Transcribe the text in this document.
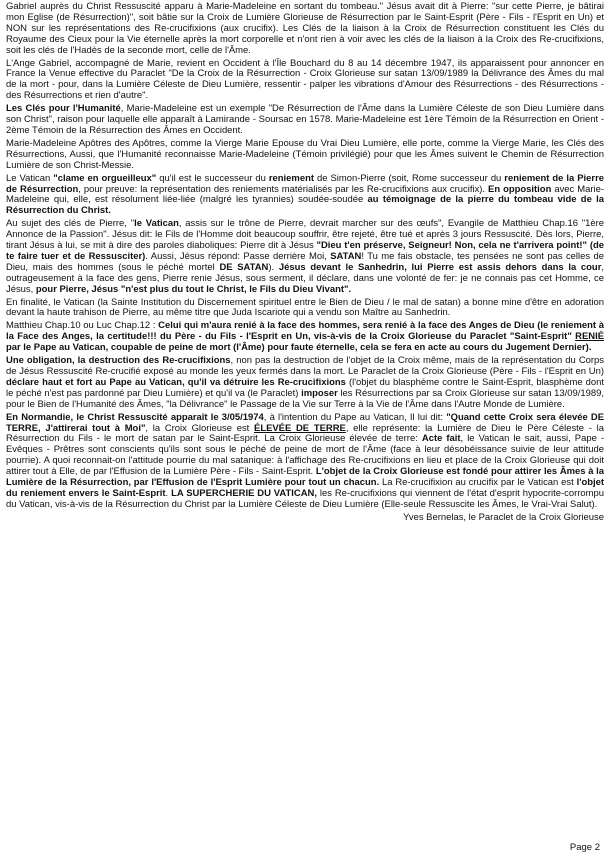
Gabriel auprès du Christ Ressuscité apparu à Marie-Madeleine en sortant du tombeau." Jésus avait dit à Pierre: "sur cette Pierre, je bâtirai mon Eglise (de Résurrection)", soit bâtie sur la Croix de Lumière Glorieuse de Résurrection par le Saint-Esprit (Père - Fils - l'Esprit en Un) et NON sur les représentations des Re-crucifixions (aux crucifix). Les Clés de la liaison à la Croix de Résurrection constituent les Clés du Royaume des Cieux pour la Vie éternelle après la mort corporelle et n'ont rien à voir avec les clés de la liaison à la Croix des Re-crucifixions, soit les clés de l'Hadès de la seconde mort, celle de l'Âme.

L'Ange Gabriel, accompagné de Marie, revient en Occident à l'Île Bouchard du 8 au 14 décembre 1947, ils apparaissent pour annoncer en France la Venue effective du Paraclet "De la Croix de la Résurrection - Croix Glorieuse sur satan 13/09/1989 la Délivrance des Âmes du mal de la mort - pour, dans la Lumière Céleste de Dieu Lumière, ressentir - palper les vibrations d'Amour des Résurrections - des Résurrections - des Résurrections et rien d'autre".

Les Clés pour l'Humanité, Marie-Madeleine est un exemple "De Résurrection de l'Âme dans la Lumière Céleste de son Dieu Lumière dans son Christ", raison pour laquelle elle apparaît à Lamirande - Soursac en 1578. Marie-Madeleine est 1ère Témoin de la Résurrection en Orient - 2ème Témoin de la Résurrection des Âmes en Occident.

Marie-Madeleine Apôtres des Apôtres, comme la Vierge Marie Epouse du Vrai Dieu Lumière, elle porte, comme la Vierge Marie, les Clés des Résurrections, Aussi, que l'Humanité reconnaisse Marie-Madeleine (Témoin privilégié) pour que les Âmes suivent le Chemin de Résurrection Lumière de son Christ-Messie.

Le Vatican "clame en orgueilleux" qu'il est le successeur du reniement de Simon-Pierre (soit, Rome successeur du reniement de la Pierre de Résurrection, pour preuve: la représentation des reniements matérialisés par les Re-crucifixions aux crucifix). En opposition avec Marie-Madeleine qui, elle, est résolument liée-liée (malgré les tyrannies) soudée-soudée au témoignage de la pierre du tombeau vide de la Résurrection du Christ.

Au sujet des clés de Pierre, "le Vatican, assis sur le trône de Pierre, devrait marcher sur des œufs", Evangile de Matthieu Chap.16 "1ère Annonce de la Passion". Jésus dit: le Fils de l'Homme doit beaucoup souffrir, être rejeté, être tué et après 3 jours Ressuscité. Dès lors, Pierre, tirant Jésus à lui, se mit à dire des paroles diaboliques: Pierre dit à Jésus "Dieu t'en préserve, Seigneur! Non, cela ne t'arrivera point!" (de te faire tuer et de Ressusciter). Aussi, Jésus répond: Passe derrière Moi, SATAN! Tu me fais obstacle, tes pensées ne sont pas celles de Dieu, mais des hommes (sous le péché mortel DE SATAN). Jésus devant le Sanhedrin, lui Pierre est assis dehors dans la cour, outrageusement à la face des gens, Pierre renie Jésus, sous serment, il déclare, dans une volonté de fer: je ne connais pas cet Homme, ce Jésus, pour Pierre, Jésus "n'est plus du tout le Christ, le Fils du Dieu Vivant".

En finalité, le Vatican (la Sainte Institution du Discernement spirituel entre le Bien de Dieu / le mal de satan) a bonne mine d'être en adoration devant la haute trahison de Pierre, au même titre que Juda Iscariote qui a vendu son Maître au Sanhedrin.

Matthieu Chap.10 ou Luc Chap.12 : Celui qui m'aura renié à la face des hommes, sera renié à la face des Anges de Dieu (le reniement à la Face des Anges, la certitude!!! du Père - du Fils - l'Esprit en Un, vis-à-vis de la Croix Glorieuse du Paraclet "Saint-Esprit" RENIÉ par le Pape au Vatican, coupable de peine de mort (l'Âme) pour faute éternelle, cela se fera en acte au cours du Jugement Dernier).

Une obligation, la destruction des Re-crucifixions, non pas la destruction de l'objet de la Croix même, mais de la représentation du Corps de Jésus Ressuscité Re-crucifié exposé au monde les yeux fermés dans la mort. Le Paraclet de la Croix Glorieuse (Père - Fils - l'Esprit en Un) déclare haut et fort au Pape au Vatican, qu'il va détruire les Re-crucifixions (l'objet du blasphème contre le Saint-Esprit, blasphème dont le péché n'est pas pardonné par Dieu Lumière) et qu'il va (le Paraclet) imposer les Résurrections par sa Croix Glorieuse sur satan 13/09/1989, pour le Bien de l'Humanité des Âmes, "la Délivrance" le Passage de la Vie sur Terre à la Vie de l'Âme dans l'Autre Monde de Lumière.

En Normandie, le Christ Ressuscité apparaît le 3/05/1974, à l'intention du Pape au Vatican, Il lui dit: "Quand cette Croix sera élevée DE TERRE, J'attirerai tout à Moi", la Croix Glorieuse est ÉLEVÉE DE TERRE, elle représente: la Lumière de Dieu le Père Céleste - la Résurrection du Fils - le mort de satan par le Saint-Esprit. La Croix Glorieuse élevée de terre: Acte fait, le Vatican le sait, aussi, Pape - Evêques - Prêtres sont conscients qu'ils sont sous le péché de peine de mort de l'Âme (face à leur désobéissance suivie de leur attitude pourrie). A quoi reconnait-on l'attitude pourrie du mal satanique: à l'affichage des Re-crucifixions en lieu et place de la Croix Glorieuse qui doit attirer tout à Elle, de par l'Effusion de la Lumière Père - Fils - Saint-Esprit. L'objet de la Croix Glorieuse est fondé pour attirer les Âmes à la Lumière de la Résurrection, par l'Effusion de l'Esprit Lumière pour tout un chacun. La Re-crucifixion au crucifix par le Vatican est l'objet du reniement envers le Saint-Esprit. LA SUPERCHERIE DU VATICAN, les Re-crucifixions qui viennent de l'état d'esprit hypocrite-corrompu du Vatican, vis-à-vis de la Résurrection du Christ par la Lumière Céleste de Dieu Lumière (Elle-seule Ressuscite les Âmes, le Vrai-Vrai Salut).

Yves Bernelas, le Paraclet de la Croix Glorieuse

Page 2
